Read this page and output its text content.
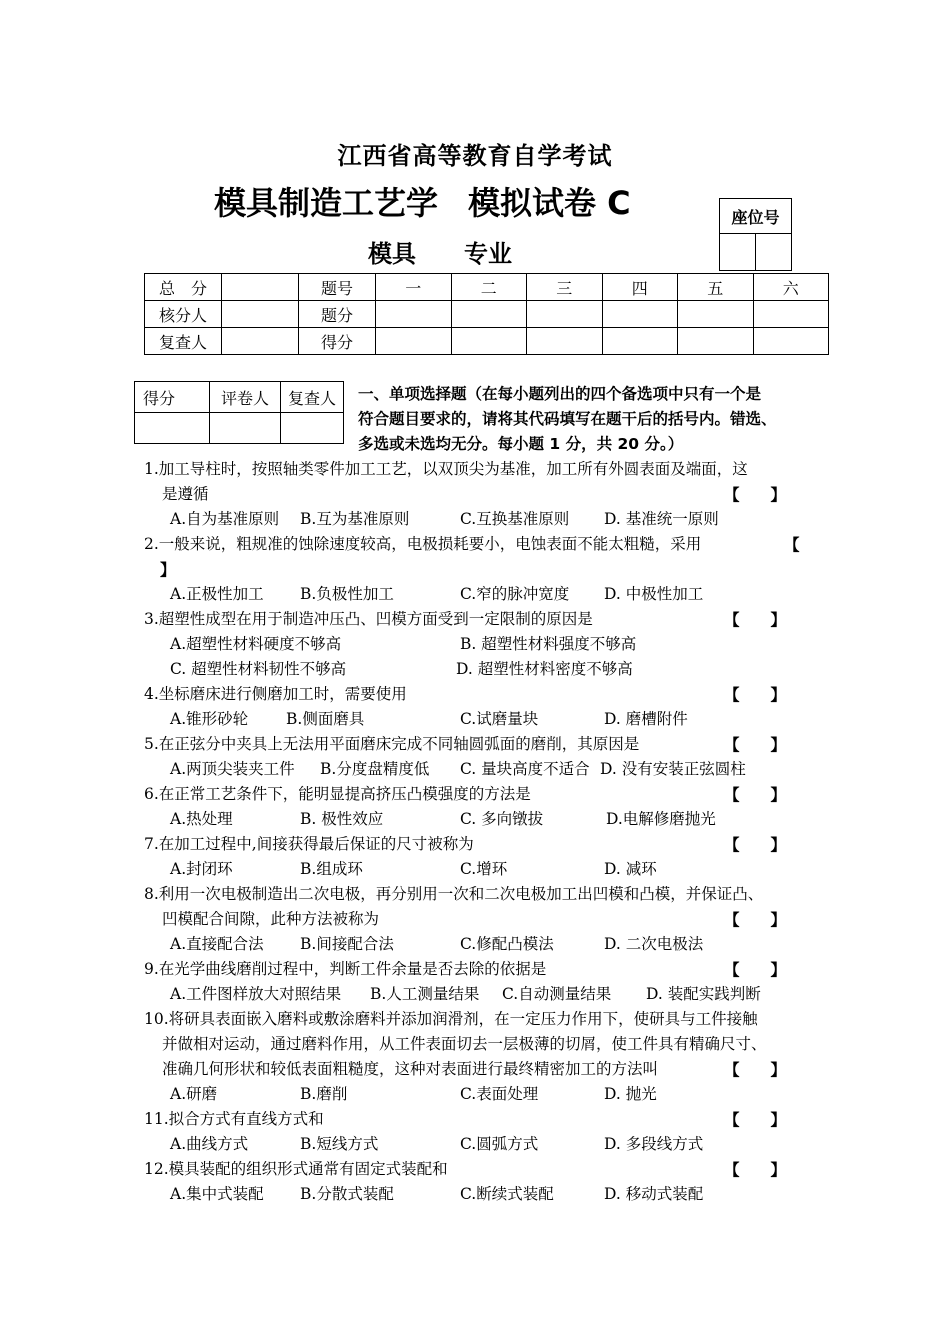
江西省高等教育自学考试
模具制造工艺学 模拟试卷 C
模具 专业
座位号

总　分		题号	一	二	三	四	五	六
核分人		题分						
复查人		得分						
得分	评卷人	复查人
		一、单项选择题（在每小题列出的四个备选项中只有一个是
符合题目要求的，请将其代码填写在题干后的括号内。错选、
多选或未选均无分。每小题 1 分，共 20 分。）
1.加工导柱时，按照轴类零件加工工艺，以双顶尖为基准，加工所有外圆表面及端面，这
是遵循	【　　】
A.自为基准原则 B.互为基准原则	C.互换基准原则 D. 基准统一原则
2.一般来说，粗规准的蚀除速度较高，电极损耗要小，电蚀表面不能太粗糙，采用	【
】
A.正极性加工 B.负极性加工	C.窄的脉冲宽度 D. 中极性加工
3.超塑性成型在用于制造冲压凸、凹模方面受到一定限制的原因是	【　　】
A.超塑性材料硬度不够高	B. 超塑性材料强度不够高
C. 超塑性材料韧性不够高	D. 超塑性材料密度不够高
4.坐标磨床进行侧磨加工时，需要使用	【　　】
A.锥形砂轮 B.侧面磨具	C.试磨量块	D. 磨槽附件
5.在正弦分中夹具上无法用平面磨床完成不同轴圆弧面的磨削，其原因是	【　　】
A.两顶尖装夹工件 B.分度盘精度低 C. 量块高度不适合 D. 没有安装正弦圆柱
6.在正常工艺条件下，能明显提高挤压凸模强度的方法是	【　　】
A.热处理	B. 极性效应	C. 多向镦拔	D.电解修磨抛光
7.在加工过程中,间接获得最后保证的尺寸被称为	【　　】
A.封闭环	B.组成环	C.增环	D. 减环
8.利用一次电极制造出二次电极，再分别用一次和二次电极加工出凹模和凸模，并保证凸、
凹模配合间隙，此种方法被称为	【　　】
A.直接配合法 B.间接配合法	C.修配凸模法	D. 二次电极法
9.在光学曲线磨削过程中，判断工件余量是否去除的依据是	【　　】
A.工件图样放大对照结果 B.人工测量结果 C.自动测量结果 D. 装配实践判断
10.将研具表面嵌入磨料或敷涂磨料并添加润滑剂，在一定压力作用下，使研具与工件接触
并做相对运动，通过磨料作用，从工件表面切去一层极薄的切屑，使工件具有精确尺寸、
准确几何形状和较低表面粗糙度，这种对表面进行最终精密加工的方法叫	【　　】
A.研磨	B.磨削	C.表面处理	D. 抛光
11.拟合方式有直线方式和	【　　】
A.曲线方式	B.短线方式	C.圆弧方式	D. 多段线方式
12.模具装配的组织形式通常有固定式装配和	【　　】
A.集中式装配 B.分散式装配	C.断续式装配	D. 移动式装配
